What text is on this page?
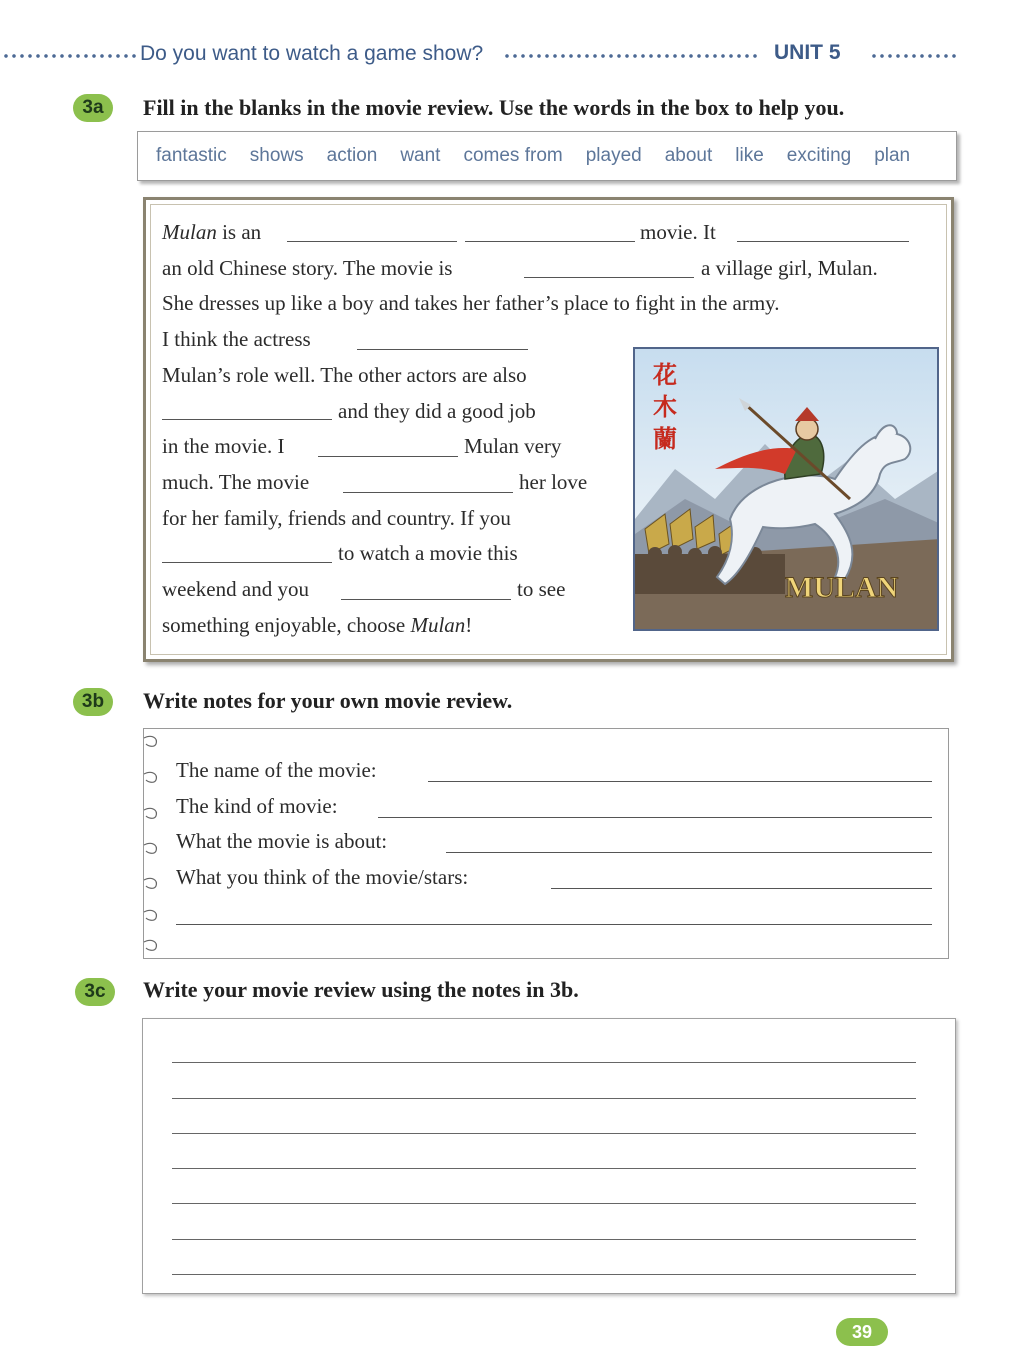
Do you want to watch a game show?	UNIT 5
3a	Fill in the blanks in the movie review. Use the words in the box to help you.
fantastic shows action want comes from played about like exciting plan
Mulan is an	movie. It
an old Chinese story. The movie is	a village girl, Mulan.
She dresses up like a boy and takes her father’s place to fight in the army.
I think the actress
Mulan’s role well. The other actors are also
and they did a good job
in the movie. I	Mulan very
much. The movie	her love
for her family, friends and country. If you
to watch a movie this
weekend and you	to see
something enjoyable, choose Mulan!
花 木 蘭
MULAN
3b	Write notes for your own movie review.
The name of the movie:
The kind of movie:
What the movie is about:
What you think of the movie/stars:
3c	Write your movie review using the notes in 3b.
39
